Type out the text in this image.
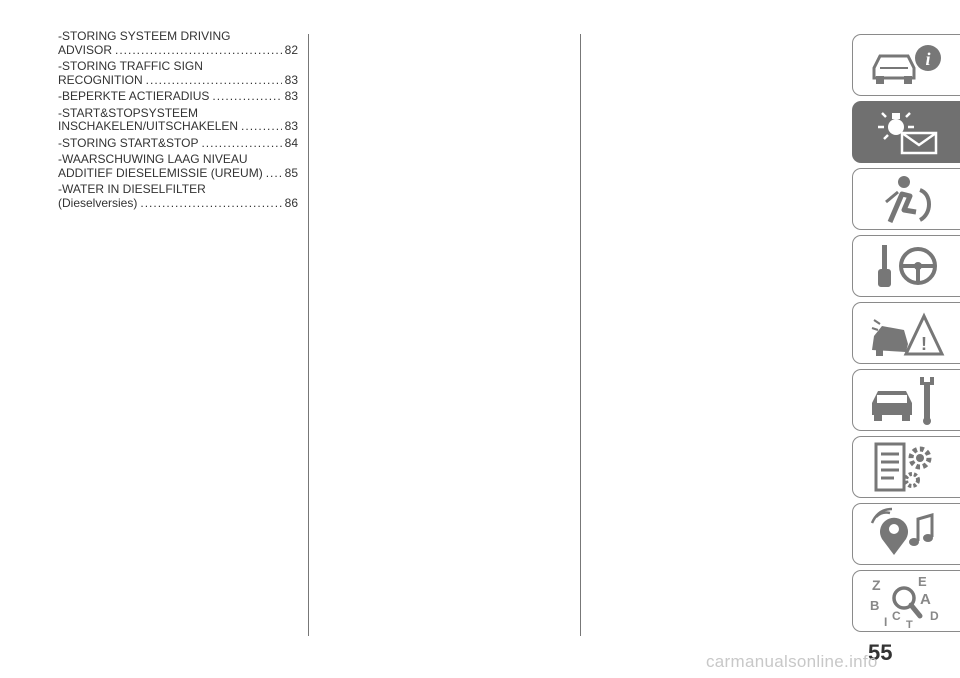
-STORING SYSTEEM DRIVING
ADVISOR .....	82
-STORING TRAFFIC SIGN
RECOGNITION .....	83
-BEPERKTE ACTIERADIUS .....	83
-START&STOPSYSTEEM
INSCHAKELEN/UITSCHAKELEN .....	83
-STORING START&STOP .....	84
-WAARSCHUWING LAAG NIVEAU
ADDITIEF DIESELEMISSIE (UREUM) ..... 85
-WATER IN DIESELFILTER
(Dieselversies) .....	86
i
!
Z	E
B	A
C D
T
I
55
carmanualsonline.info
